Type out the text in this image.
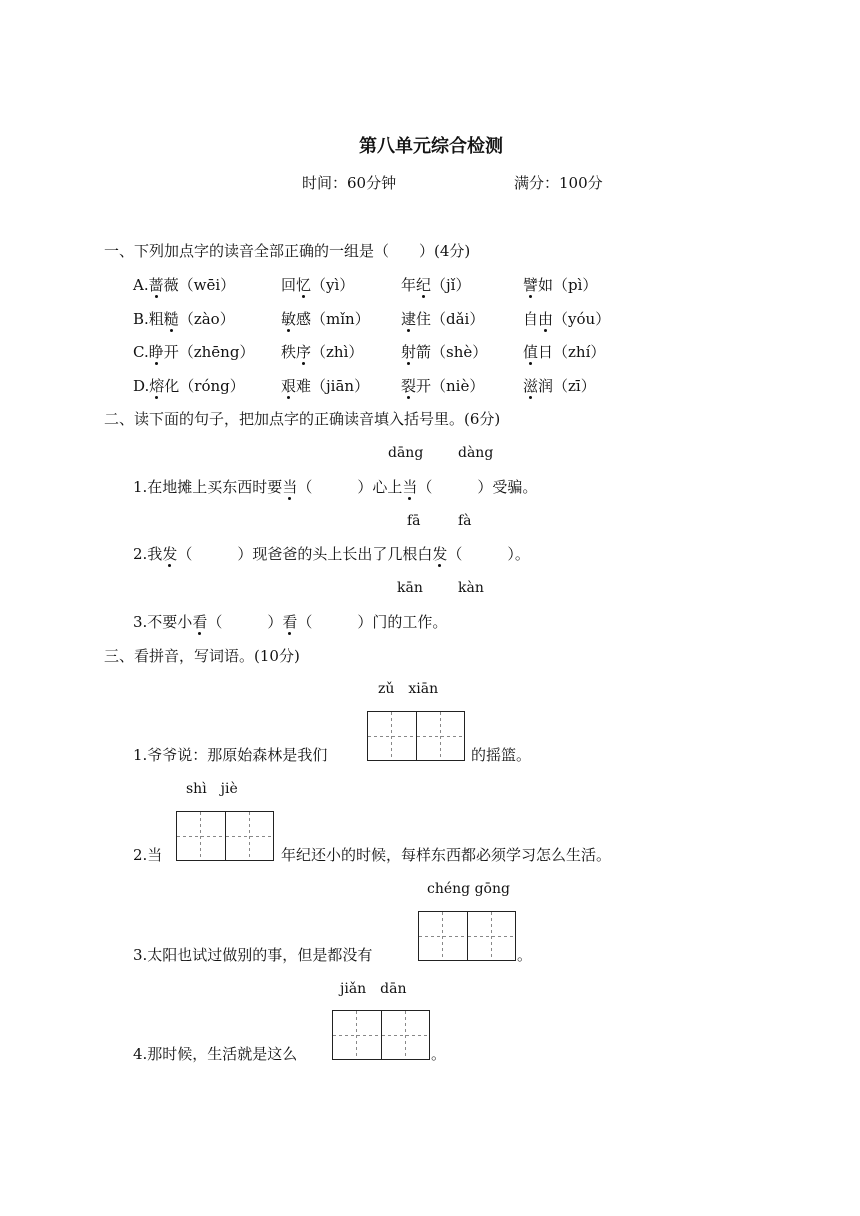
第八单元综合检测
时间：60分钟	满分：100分
一、下列加点字的读音全部正确的一组是（　　）(4分)
A.蔷薇（wēi）	回忆（yì）	年纪（jǐ）	譬如（pì）
B.粗糙（zào）	敏感（mǐn） 逮住（dǎi）	自由（yóu）
C.睁开（zhēng） 秩序（zhì）	射箭（shè） 值日（zhí）
D.熔化（róng） 艰难（jiān） 裂开（niè）	滋润（zī）
二、读下面的句子，把加点字的正确读音填入括号里。(6分)
dāng dàng
1.在地摊上买东西时要当（　　　）心上当（　　　）受骗。
fā	fà
2.我发（　　　）现爸爸的头上长出了几根白发（　　　）。
kān	kàn
3.不要小看（　　　）看（　　　）门的工作。
三、看拼音，写词语。(10分)
zǔ　xiān
1.爷爷说：那原始森林是我们	的摇篮。
shì　jiè
2.当	年纪还小的时候，每样东西都必须学习怎么生活。
chéng gōng
3.太阳也试过做别的事，但是都没有	。
jiǎn　dān
4.那时候，生活就是这么	。
